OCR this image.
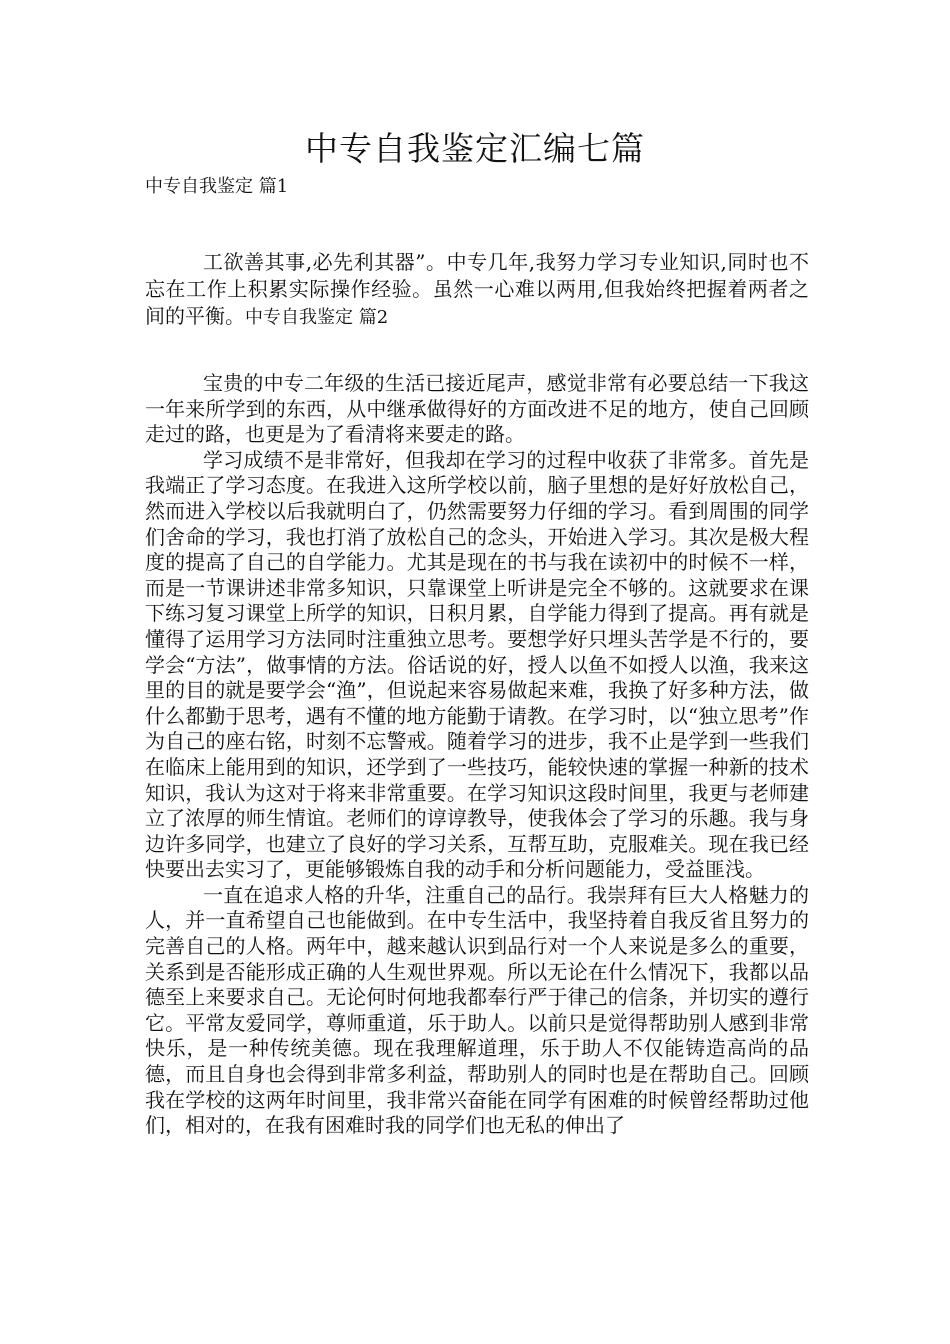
中专自我鉴定汇编七篇
中专自我鉴定 篇1

工欲善其事,必先利其器”。中专几年,我努力学习专业知识,同时也不忘在工作上积累实际操作经验。虽然一心难以两用,但我始终把握着两者之间的平衡。中专自我鉴定 篇2

宝贵的中专二年级的生活已接近尾声，感觉非常有必要总结一下我这一年来所学到的东西，从中继承做得好的方面改进不足的地方，使自己回顾走过的路，也更是为了看清将来要走的路。

学习成绩不是非常好，但我却在学习的过程中收获了非常多。首先是我端正了学习态度。在我进入这所学校以前，脑子里想的是好好放松自己，然而进入学校以后我就明白了，仍然需要努力仔细的学习。看到周围的同学们舍命的学习，我也打消了放松自己的念头，开始进入学习。其次是极大程度的提高了自己的自学能力。尤其是现在的书与我在读初中的时候不一样，而是一节课讲述非常多知识，只靠课堂上听讲是完全不够的。这就要求在课下练习复习课堂上所学的知识，日积月累，自学能力得到了提高。再有就是懂得了运用学习方法同时注重独立思考。要想学好只埋头苦学是不行的，要学会“方法”，做事情的方法。俗话说的好，授人以鱼不如授人以渔，我来这里的目的就是要学会“渔”，但说起来容易做起来难，我换了好多种方法，做什么都勤于思考，遇有不懂的地方能勤于请教。在学习时，以“独立思考”作为自己的座右铭，时刻不忘警戒。随着学习的进步，我不止是学到一些我们在临床上能用到的知识，还学到了一些技巧，能较快速的掌握一种新的技术知识，我认为这对于将来非常重要。在学习知识这段时间里，我更与老师建立了浓厚的师生情谊。老师们的谆谆教导，使我体会了学习的乐趣。我与身边许多同学，也建立了良好的学习关系，互帮互助，克服难关。现在我已经快要出去实习了，更能够锻炼自我的动手和分析问题能力，受益匪浅。

一直在追求人格的升华，注重自己的品行。我崇拜有巨大人格魅力的人，并一直希望自己也能做到。在中专生活中，我坚持着自我反省且努力的完善自己的人格。两年中，越来越认识到品行对一个人来说是多么的重要，关系到是否能形成正确的人生观世界观。所以无论在什么情况下，我都以品德至上来要求自己。无论何时何地我都奉行严于律己的信条，并切实的遵行它。平常友爱同学，尊师重道，乐于助人。以前只是觉得帮助别人感到非常快乐，是一种传统美德。现在我理解道理，乐于助人不仅能铸造高尚的品德，而且自身也会得到非常多利益，帮助别人的同时也是在帮助自己。回顾我在学校的这两年时间里，我非常兴奋能在同学有困难的时候曾经帮助过他们，相对的，在我有困难时我的同学们也无私的伸出了
